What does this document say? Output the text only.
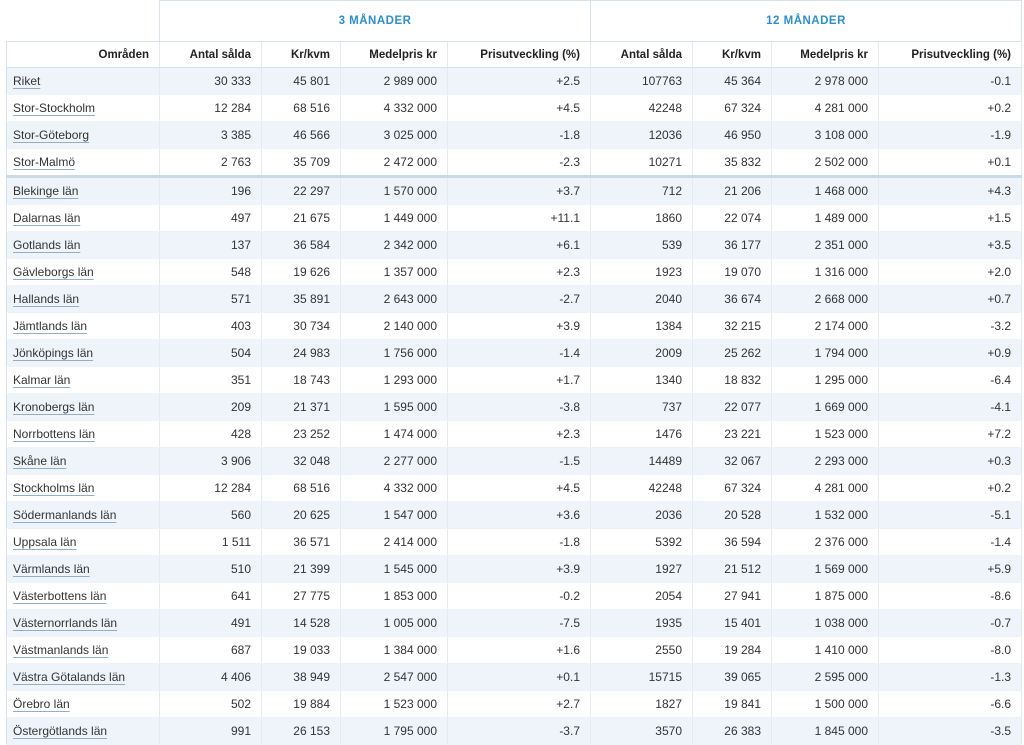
	3 MÅNADER				12 MÅNADER			
Områden	Antal sålda	Kr/kvm	Medelpris kr	Prisutveckling (%)	Antal sålda	Kr/kvm	Medelpris kr	Prisutveckling (%)
Riket	30 333	45 801	2 989 000	+2.5	107763	45 364	2 978 000	-0.1
Stor-Stockholm	12 284	68 516	4 332 000	+4.5	42248	67 324	4 281 000	+0.2
Stor-Göteborg	3 385	46 566	3 025 000	-1.8	12036	46 950	3 108 000	-1.9
Stor-Malmö	2 763	35 709	2 472 000	-2.3	10271	35 832	2 502 000	+0.1
Blekinge län	196	22 297	1 570 000	+3.7	712	21 206	1 468 000	+4.3
Dalarnas län	497	21 675	1 449 000	+11.1	1860	22 074	1 489 000	+1.5
Gotlands län	137	36 584	2 342 000	+6.1	539	36 177	2 351 000	+3.5
Gävleborgs län	548	19 626	1 357 000	+2.3	1923	19 070	1 316 000	+2.0
Hallands län	571	35 891	2 643 000	-2.7	2040	36 674	2 668 000	+0.7
Jämtlands län	403	30 734	2 140 000	+3.9	1384	32 215	2 174 000	-3.2
Jönköpings län	504	24 983	1 756 000	-1.4	2009	25 262	1 794 000	+0.9
Kalmar län	351	18 743	1 293 000	+1.7	1340	18 832	1 295 000	-6.4
Kronobergs län	209	21 371	1 595 000	-3.8	737	22 077	1 669 000	-4.1
Norrbottens län	428	23 252	1 474 000	+2.3	1476	23 221	1 523 000	+7.2
Skåne län	3 906	32 048	2 277 000	-1.5	14489	32 067	2 293 000	+0.3
Stockholms län	12 284	68 516	4 332 000	+4.5	42248	67 324	4 281 000	+0.2
Södermanlands län	560	20 625	1 547 000	+3.6	2036	20 528	1 532 000	-5.1
Uppsala län	1 511	36 571	2 414 000	-1.8	5392	36 594	2 376 000	-1.4
Värmlands län	510	21 399	1 545 000	+3.9	1927	21 512	1 569 000	+5.9
Västerbottens län	641	27 775	1 853 000	-0.2	2054	27 941	1 875 000	-8.6
Västernorrlands län	491	14 528	1 005 000	-7.5	1935	15 401	1 038 000	-0.7
Västmanlands län	687	19 033	1 384 000	+1.6	2550	19 284	1 410 000	-8.0
Västra Götalands län	4 406	38 949	2 547 000	+0.1	15715	39 065	2 595 000	-1.3
Örebro län	502	19 884	1 523 000	+2.7	1827	19 841	1 500 000	-6.6
Östergötlands län	991	26 153	1 795 000	-3.7	3570	26 383	1 845 000	-3.5
